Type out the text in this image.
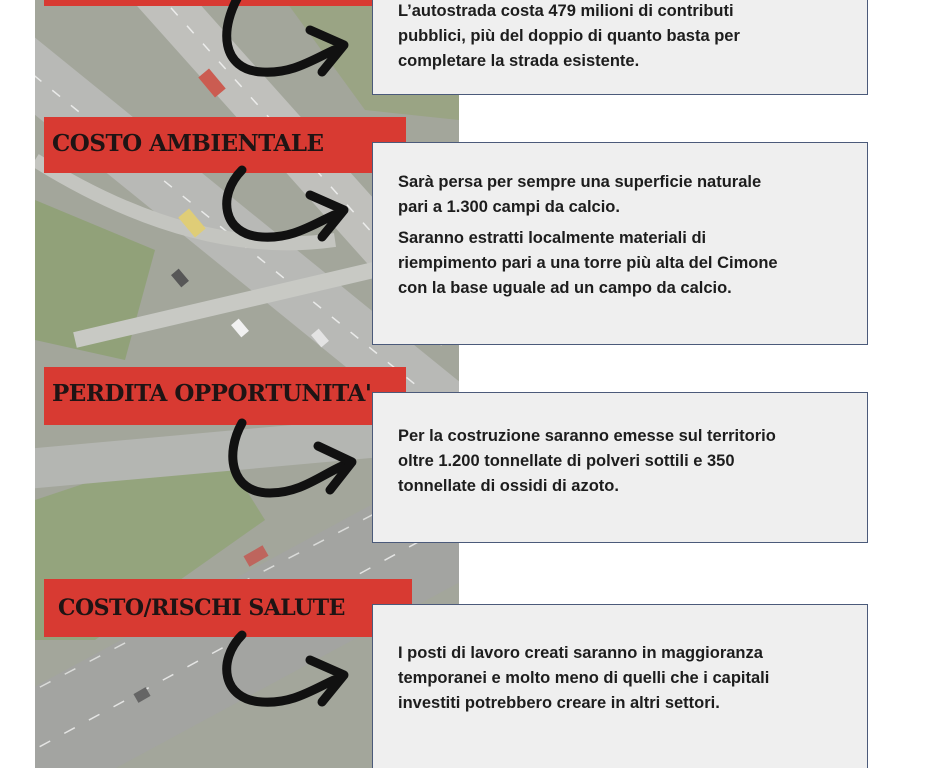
COSTO AMBIENTALE
PERDITA OPPORTUNITA'
COSTO/RISCHI SALUTE

L’autostrada costa 479 milioni di contributi
pubblici, più del doppio di quanto basta per
completare la strada esistente.

Sarà persa per sempre una superficie naturale
pari a 1.300 campi da calcio.

Saranno estratti localmente materiali di
riempimento pari a una torre più alta del Cimone
con la base uguale ad un campo da calcio.

Per la costruzione saranno emesse sul territorio
oltre 1.200 tonnellate di polveri sottili e 350
tonnellate di ossidi di azoto.

I posti di lavoro creati saranno in maggioranza
temporanei e molto meno di quelli che i capitali
investiti potrebbero creare in altri settori.
